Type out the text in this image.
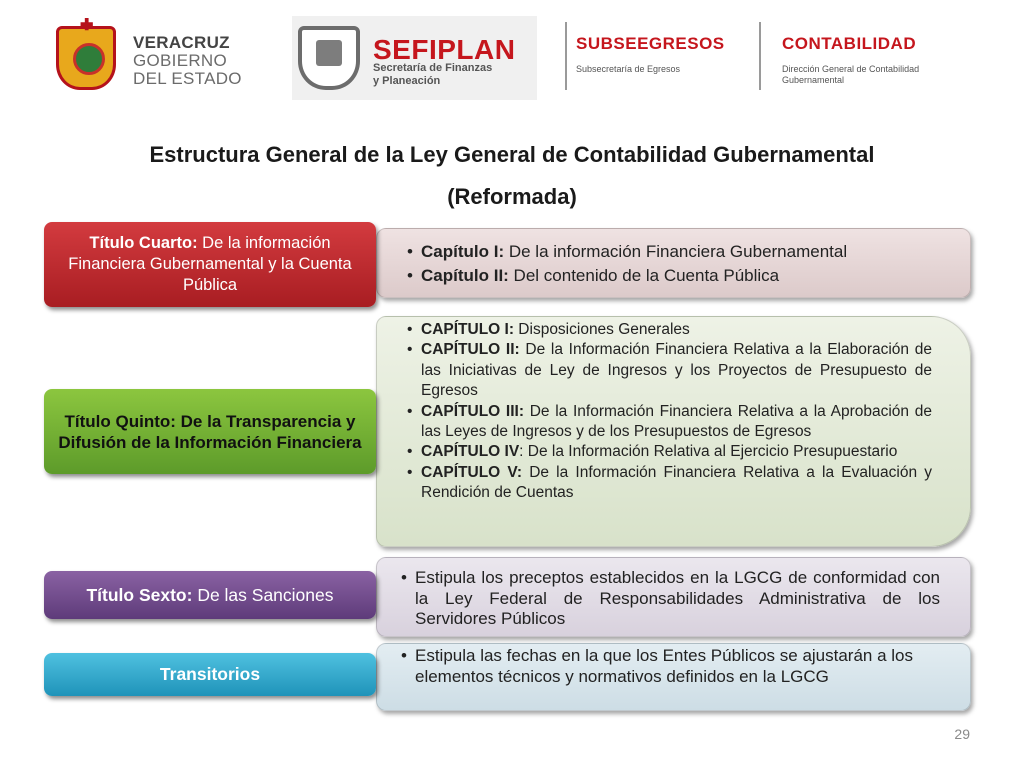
✚
VERACRUZ
GOBIERNO
DEL ESTADO
SEFIPLAN
Secretaría de Finanzas
y Planeación
SUBSEEGRESOS
Subsecretaría de Egresos
CONTABILIDAD
Dirección General de Contabilidad
Gubernamental
Estructura General de la Ley General de Contabilidad Gubernamental
(Reformada)
• Capítulo I: De la información Financiera Gubernamental
• Capítulo II: Del contenido de la Cuenta Pública
Título Cuarto: De la información Financiera Gubernamental y la Cuenta Pública
• CAPÍTULO I: Disposiciones Generales
• CAPÍTULO II: De la Información Financiera Relativa a la Elaboración de las Iniciativas de Ley de Ingresos y los Proyectos de Presupuesto de Egresos
• CAPÍTULO III: De la Información Financiera Relativa a la Aprobación de las Leyes de Ingresos y de los Presupuestos de Egresos
• CAPÍTULO IV: De la Información Relativa al Ejercicio Presupuestario
• CAPÍTULO V: De la Información Financiera Relativa a la Evaluación y Rendición de Cuentas
Título Quinto: De la Transparencia y Difusión de la Información Financiera
• Estipula los preceptos establecidos en la LGCG de conformidad con la Ley Federal de Responsabilidades Administrativa de los Servidores Públicos
Título Sexto: De las Sanciones
• Estipula las fechas en la que los Entes Públicos se ajustarán a los elementos técnicos y normativos definidos en la LGCG
Transitorios
29
